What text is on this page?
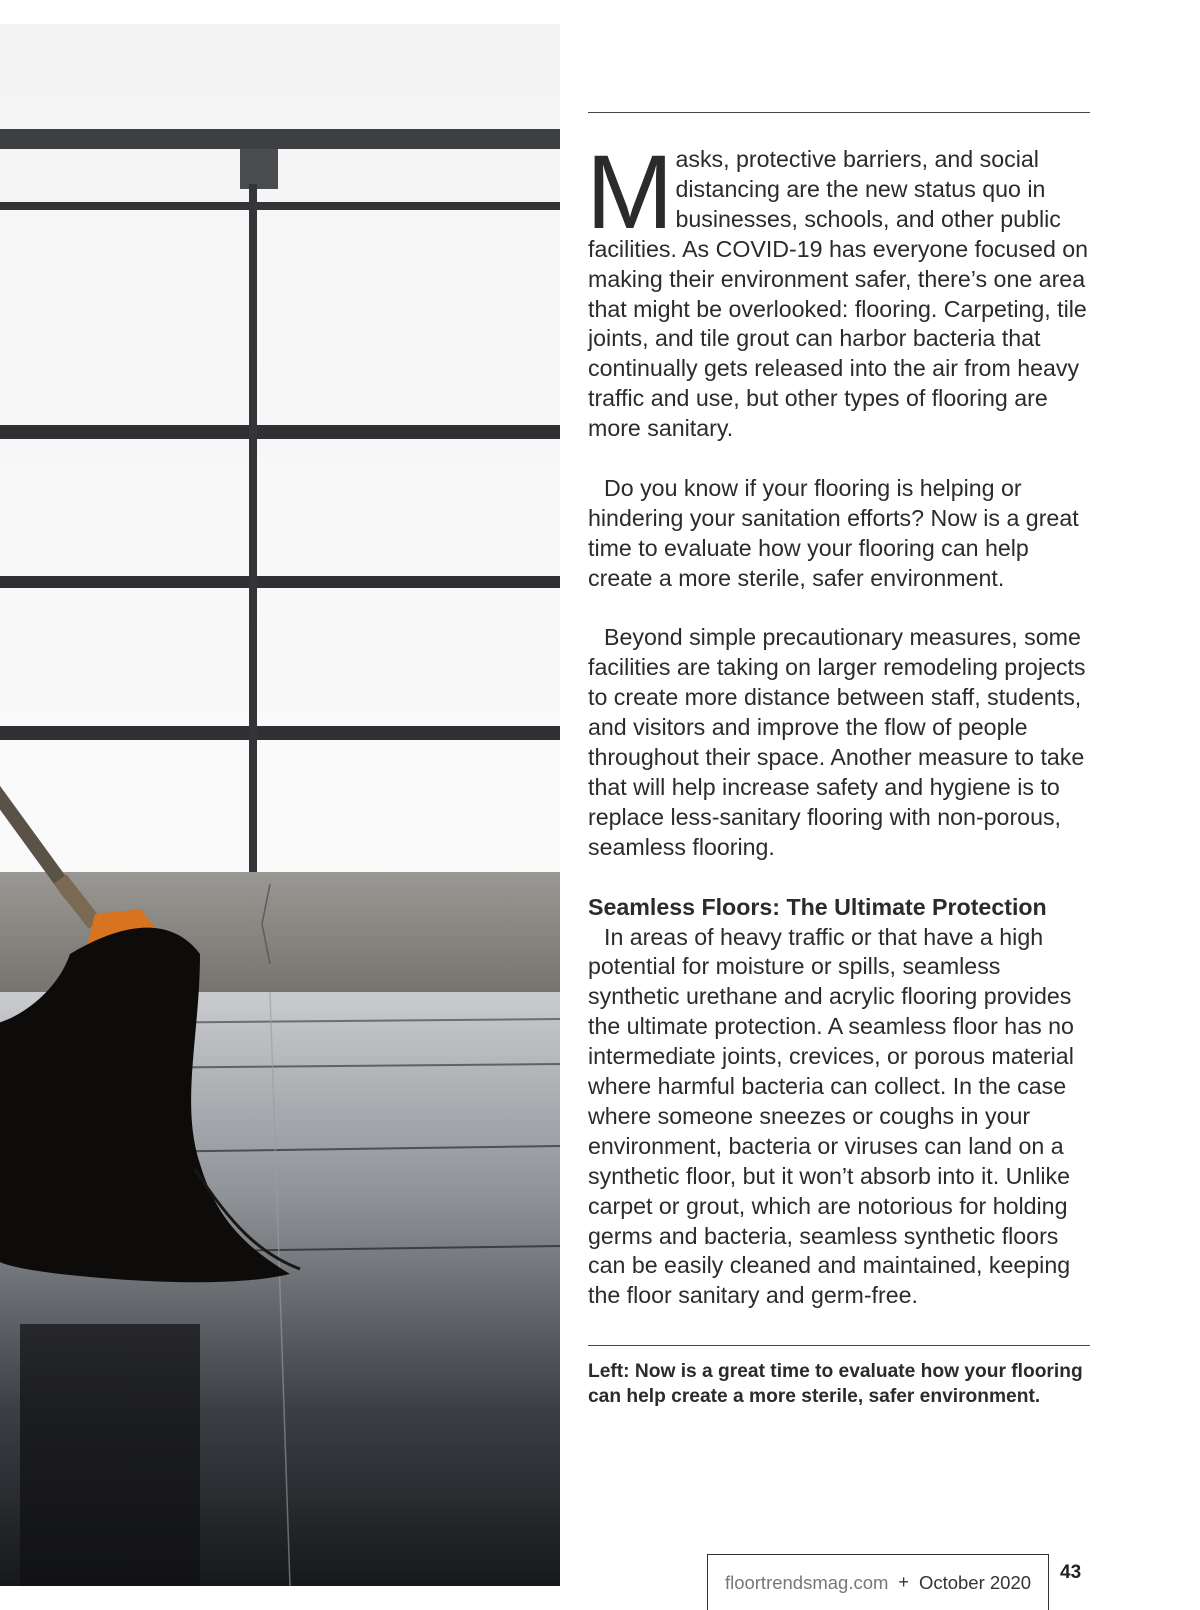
Masks, protective barriers, and social distancing are the new status quo in businesses, schools, and other public facilities. As COVID-19 has everyone focused on making their environment safer, there’s one area that might be overlooked: flooring. Carpeting, tile joints, and tile grout can harbor bacteria that continually gets released into the air from heavy traffic and use, but other types of flooring are more sanitary.

Do you know if your flooring is helping or hindering your sanitation efforts? Now is a great time to evaluate how your flooring can help create a more sterile, safer environment.

Beyond simple precautionary measures, some facilities are taking on larger remodeling projects to create more distance between staff, students, and visitors and improve the flow of people throughout their space. Another measure to take that will help increase safety and hygiene is to replace less-sanitary flooring with non-porous, seamless flooring.

Seamless Floors: The Ultimate Protection

In areas of heavy traffic or that have a high potential for moisture or spills, seamless synthetic urethane and acrylic flooring provides the ultimate protection. A seamless floor has no intermediate joints, crevices, or porous material where harmful bacteria can collect. In the case where someone sneezes or coughs in your environment, bacteria or viruses can land on a synthetic floor, but it won’t absorb into it. Unlike carpet or grout, which are notorious for holding germs and bacteria, seamless synthetic floors can be easily cleaned and maintained, keeping the floor sanitary and germ-free.

Left: Now is a great time to evaluate how your flooring can help create a more sterile, safer environment.
floortrendsmag.com + October 2020 43
